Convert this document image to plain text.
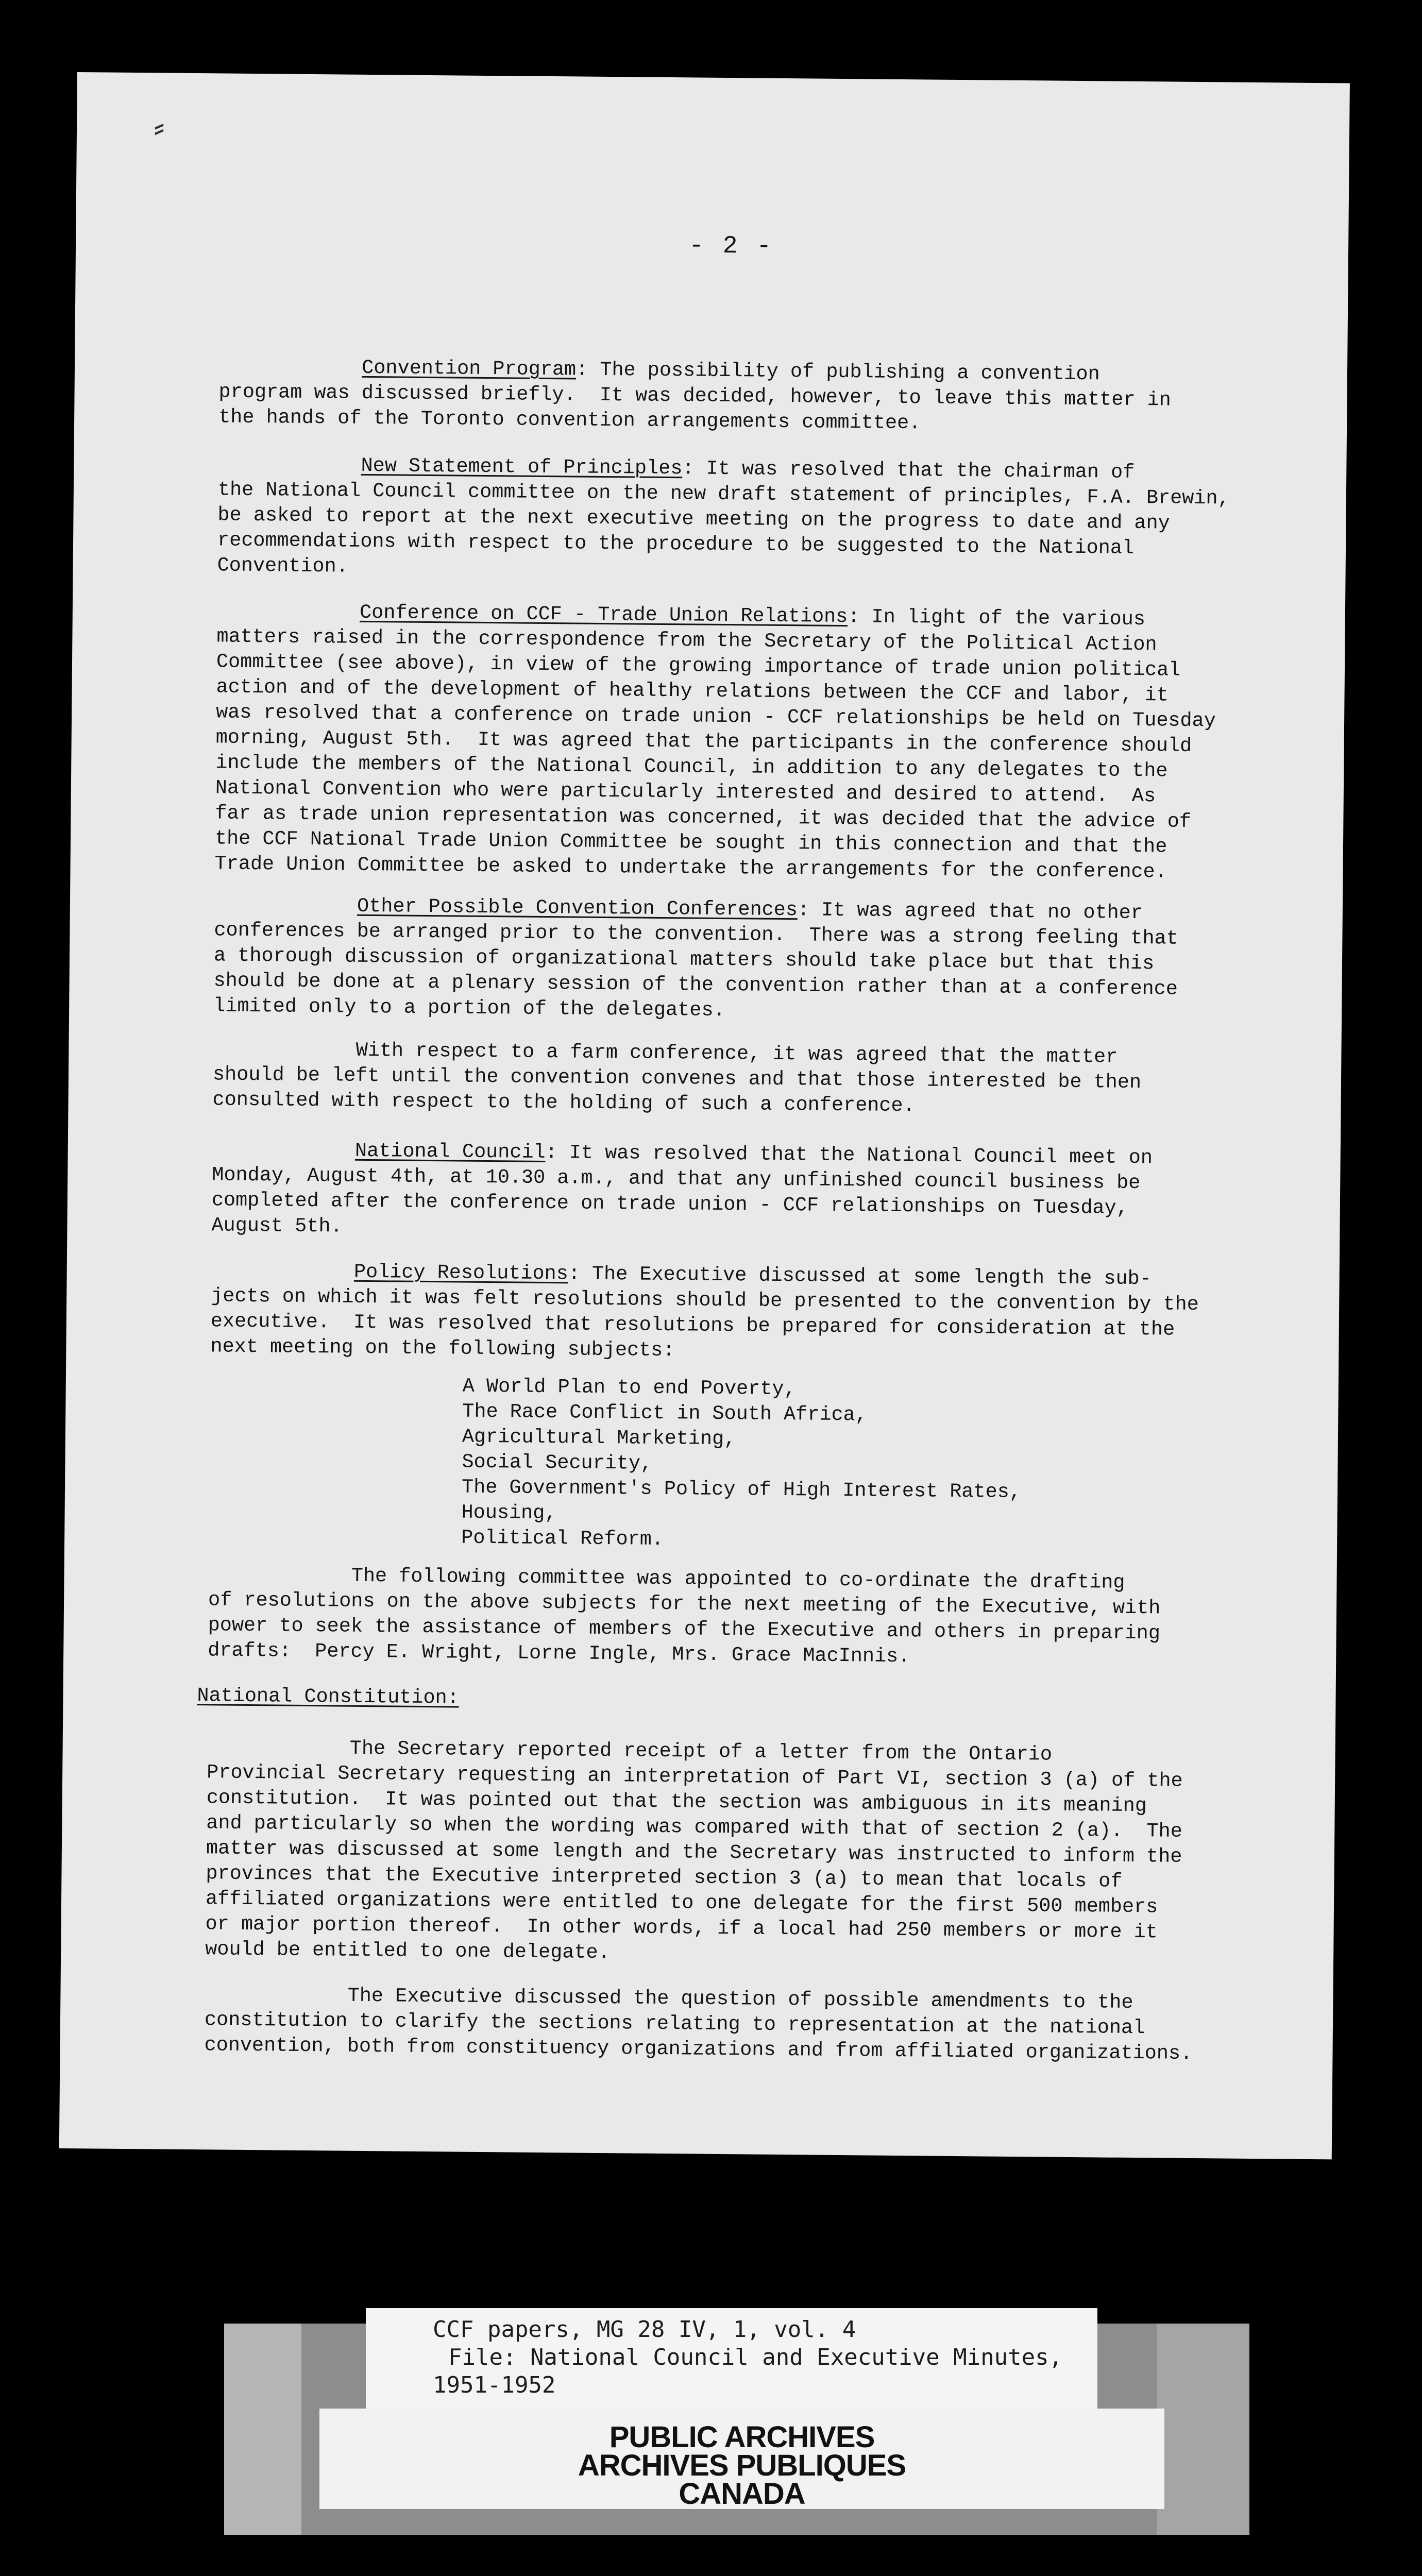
⸗
- 2 -

Convention Program: The possibility of publishing a convention
program was discussed briefly.  It was decided, however, to leave this matter in
the hands of the Toronto convention arrangements committee.

New Statement of Principles: It was resolved that the chairman of
the National Council committee on the new draft statement of principles, F.A. Brewin,
be asked to report at the next executive meeting on the progress to date and any
recommendations with respect to the procedure to be suggested to the National
Convention.

Conference on CCF - Trade Union Relations: In light of the various
matters raised in the correspondence from the Secretary of the Political Action
Committee (see above), in view of the growing importance of trade union political
action and of the development of healthy relations between the CCF and labor, it
was resolved that a conference on trade union - CCF relationships be held on Tuesday
morning, August 5th.  It was agreed that the participants in the conference should
include the members of the National Council, in addition to any delegates to the
National Convention who were particularly interested and desired to attend.  As
far as trade union representation was concerned, it was decided that the advice of
the CCF National Trade Union Committee be sought in this connection and that the
Trade Union Committee be asked to undertake the arrangements for the conference.

Other Possible Convention Conferences: It was agreed that no other
conferences be arranged prior to the convention.  There was a strong feeling that
a thorough discussion of organizational matters should take place but that this
should be done at a plenary session of the convention rather than at a conference
limited only to a portion of the delegates.

With respect to a farm conference, it was agreed that the matter
should be left until the convention convenes and that those interested be then
consulted with respect to the holding of such a conference.

National Council: It was resolved that the National Council meet on
Monday, August 4th, at 10.30 a.m., and that any unfinished council business be
completed after the conference on trade union - CCF relationships on Tuesday,
August 5th.

Policy Resolutions: The Executive discussed at some length the sub-
jects on which it was felt resolutions should be presented to the convention by the
executive.  It was resolved that resolutions be prepared for consideration at the
next meeting on the following subjects:

A World Plan to end Poverty,
The Race Conflict in South Africa,
Agricultural Marketing,
Social Security,
The Government's Policy of High Interest Rates,
Housing,
Political Reform.

The following committee was appointed to co-ordinate the drafting
of resolutions on the above subjects for the next meeting of the Executive, with
power to seek the assistance of members of the Executive and others in preparing
drafts:  Percy E. Wright, Lorne Ingle, Mrs. Grace MacInnis.

National Constitution:

The Secretary reported receipt of a letter from the Ontario
Provincial Secretary requesting an interpretation of Part VI, section 3 (a) of the
constitution.  It was pointed out that the section was ambiguous in its meaning
and particularly so when the wording was compared with that of section 2 (a).  The
matter was discussed at some length and the Secretary was instructed to inform the
provinces that the Executive interpreted section 3 (a) to mean that locals of
affiliated organizations were entitled to one delegate for the first 500 members
or major portion thereof.  In other words, if a local had 250 members or more it
would be entitled to one delegate.

The Executive discussed the question of possible amendments to the
constitution to clarify the sections relating to representation at the national
convention, both from constituency organizations and from affiliated organizations.

CCF papers, MG 28 IV, 1, vol. 4
File: National Council and Executive Minutes,
1951-1952
PUBLIC ARCHIVES
ARCHIVES PUBLIQUES
CANADA
